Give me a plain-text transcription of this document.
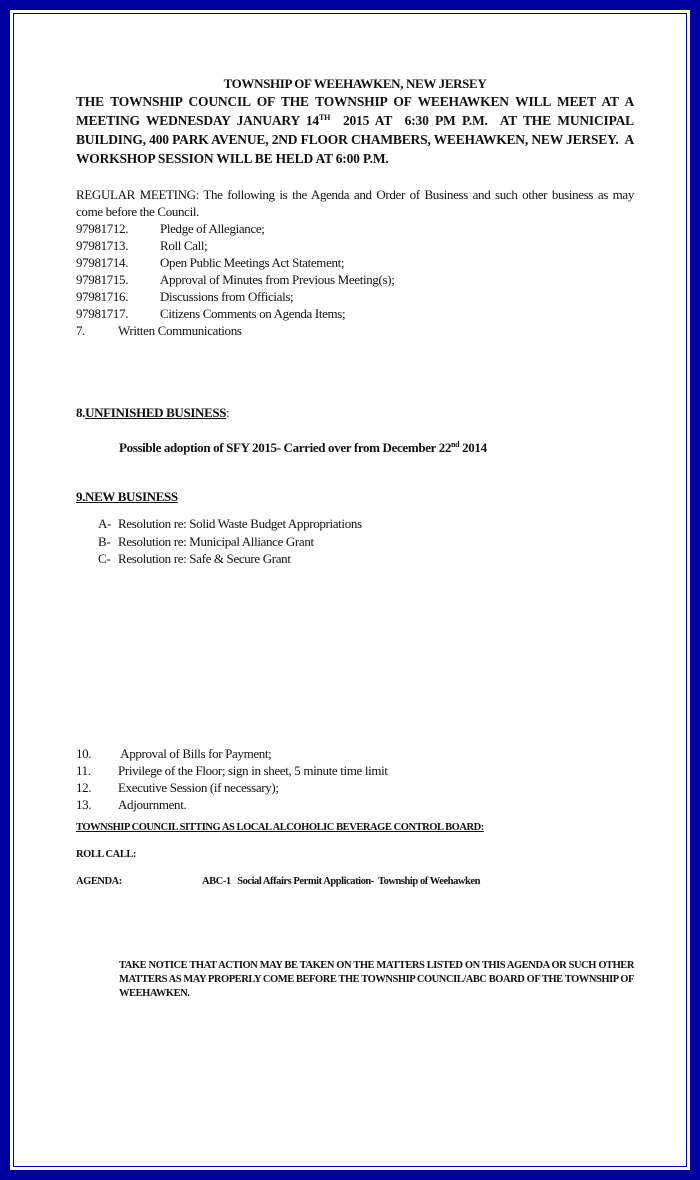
TOWNSHIP OF WEEHAWKEN, NEW JERSEY
THE TOWNSHIP COUNCIL OF THE TOWNSHIP OF WEEHAWKEN WILL MEET AT A MEETING WEDNESDAY JANUARY 14TH  2015 AT  6:30 PM P.M.  AT THE MUNICIPAL BUILDING, 400 PARK AVENUE, 2ND FLOOR CHAMBERS, WEEHAWKEN, NEW JERSEY.  A WORKSHOP SESSION WILL BE HELD AT 6:00 P.M.
REGULAR MEETING: The following is the Agenda and Order of Business and such other business as may come before the Council.
97981712.	Pledge of Allegiance;
97981713.	Roll Call;
97981714.	Open Public Meetings Act Statement;
97981715.	Approval of Minutes from Previous Meeting(s);
97981716.	Discussions from Officials;
97981717.	Citizens Comments on Agenda Items;
7.	Written Communications
8.UNFINISHED BUSINESS:
Possible adoption of SFY 2015- Carried over from December 22nd 2014
9.NEW BUSINESS
A- Resolution re: Solid Waste Budget Appropriations
B- Resolution re: Municipal Alliance Grant
C- Resolution re: Safe & Secure Grant
10.	Approval of Bills for Payment;
11.	Privilege of the Floor; sign in sheet, 5 minute time limit
12.	Executive Session (if necessary);
13.	Adjournment.
TOWNSHIP COUNCIL SITTING AS LOCAL ALCOHOLIC BEVERAGE CONTROL BOARD:
ROLL CALL:
AGENDA:	ABC-1   Social Affairs Permit Application-  Township of Weehawken
TAKE NOTICE THAT ACTION MAY BE TAKEN ON THE MATTERS LISTED ON THIS AGENDA OR SUCH OTHER MATTERS AS MAY PROPERLY COME BEFORE THE TOWNSHIP COUNCIL/ABC BOARD OF THE TOWNSHIP OF WEEHAWKEN.
